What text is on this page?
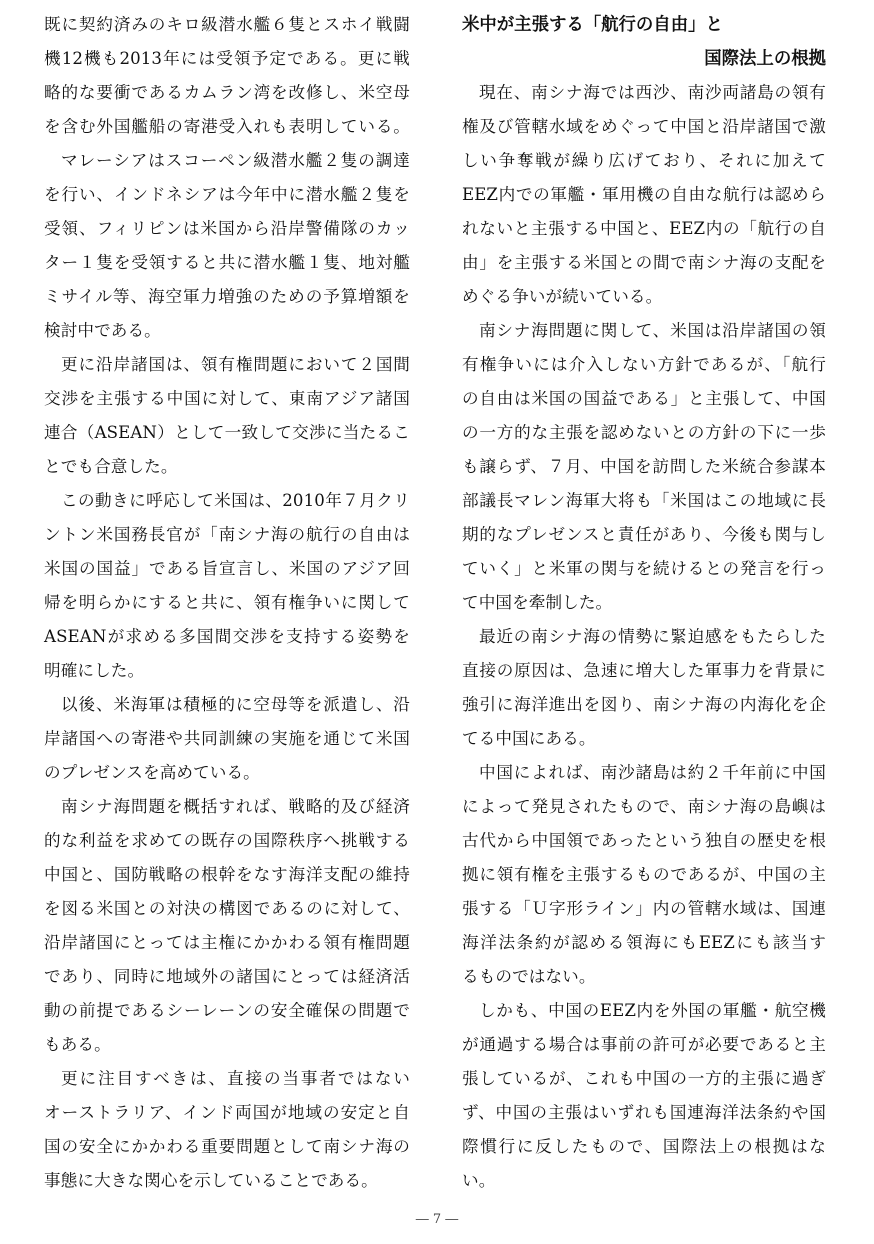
既に契約済みのキロ級潜水艦６隻とスホイ戦闘
機12機も2013年には受領予定である。更に戦
略的な要衝であるカムラン湾を改修し、米空母
を含む外国艦船の寄港受入れも表明している。
マレーシアはスコーペン級潜水艦２隻の調達
を行い、インドネシアは今年中に潜水艦２隻を
受領、フィリピンは米国から沿岸警備隊のカッ
ター１隻を受領すると共に潜水艦１隻、地対艦
ミサイル等、海空軍力増強のための予算増額を
検討中である。
更に沿岸諸国は、領有権問題において２国間
交渉を主張する中国に対して、東南アジア諸国
連合（ASEAN）として一致して交渉に当たるこ
とでも合意した。
この動きに呼応して米国は、2010年７月クリ
ントン米国務長官が「南シナ海の航行の自由は
米国の国益」である旨宣言し、米国のアジア回
帰を明らかにすると共に、領有権争いに関して
ASEANが求める多国間交渉を支持する姿勢を
明確にした。
以後、米海軍は積極的に空母等を派遣し、沿
岸諸国への寄港や共同訓練の実施を通じて米国
のプレゼンスを高めている。
南シナ海問題を概括すれば、戦略的及び経済
的な利益を求めての既存の国際秩序へ挑戦する
中国と、国防戦略の根幹をなす海洋支配の維持
を図る米国との対決の構図であるのに対して、
沿岸諸国にとっては主権にかかわる領有権問題
であり、同時に地域外の諸国にとっては経済活
動の前提であるシーレーンの安全確保の問題で
もある。
更に注目すべきは、直接の当事者ではない
オーストラリア、インド両国が地域の安定と自
国の安全にかかわる重要問題として南シナ海の
事態に大きな関心を示していることである。
米中が主張する「航行の自由」と
国際法上の根拠
現在、南シナ海では西沙、南沙両諸島の領有
権及び管轄水域をめぐって中国と沿岸諸国で激
しい争奪戦が繰り広げており、それに加えて
EEZ内での軍艦・軍用機の自由な航行は認めら
れないと主張する中国と、EEZ内の「航行の自
由」を主張する米国との間で南シナ海の支配を
めぐる争いが続いている。
南シナ海問題に関して、米国は沿岸諸国の領
有権争いには介入しない方針であるが、「航行
の自由は米国の国益である」と主張して、中国
の一方的な主張を認めないとの方針の下に一歩
も譲らず、７月、中国を訪問した米統合参謀本
部議長マレン海軍大将も「米国はこの地域に長
期的なプレゼンスと責任があり、今後も関与し
ていく」と米軍の関与を続けるとの発言を行っ
て中国を牽制した。
最近の南シナ海の情勢に緊迫感をもたらした
直接の原因は、急速に増大した軍事力を背景に
強引に海洋進出を図り、南シナ海の内海化を企
てる中国にある。
中国によれば、南沙諸島は約２千年前に中国
によって発見されたもので、南シナ海の島嶼は
古代から中国領であったという独自の歴史を根
拠に領有権を主張するものであるが、中国の主
張する「Ｕ字形ライン」内の管轄水域は、国連
海洋法条約が認める領海にもEEZにも該当す
るものではない。
しかも、中国のEEZ内を外国の軍艦・航空機
が通過する場合は事前の許可が必要であると主
張しているが、これも中国の一方的主張に過ぎ
ず、中国の主張はいずれも国連海洋法条約や国
際慣行に反したもので、国際法上の根拠はな
い。
― 7 ―
